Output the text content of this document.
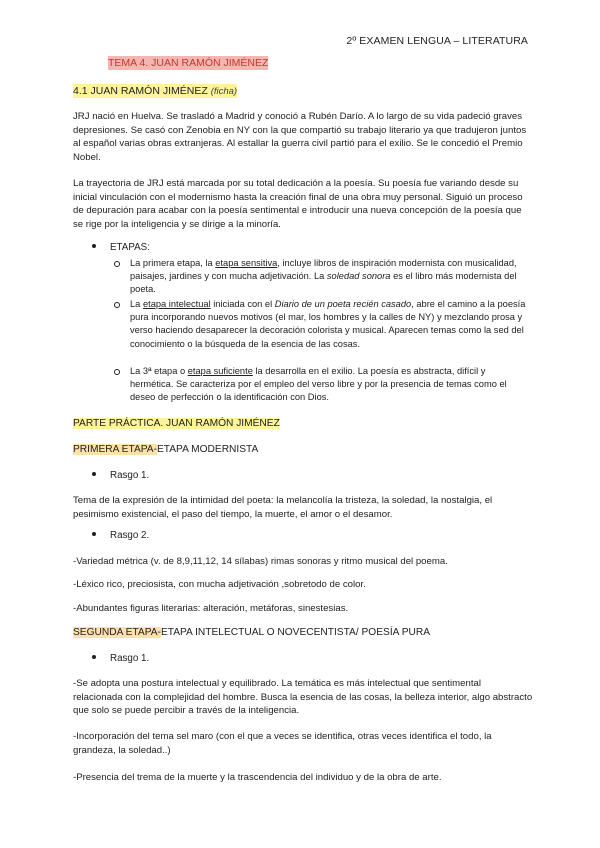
2º EXAMEN LENGUA – LITERATURA
TEMA 4. JUAN RAMÓN JIMÉNEZ
4.1 JUAN RAMÓN JIMÉNEZ (ficha)
JRJ nació en Huelva. Se trasladó a Madrid y conoció a Rubén Darío. A lo largo de su vida padeció graves depresiones. Se casó con Zenobia en NY con la que compartió su trabajo literario ya que tradujeron juntos al español varias obras extranjeras. Al estallar la guerra civil partió para el exilio. Se le concedió el Premio Nobel.
La trayectoria de JRJ está marcada por su total dedicación a la poesía. Su poesía fue variando desde su inicial vinculación con el modernismo hasta la creación final de una obra muy personal. Siguió un proceso de depuración para acabar con la poesía sentimental e introducir una nueva concepción de la poesía que se rige por la inteligencia y se dirige a la minoría.
ETAPAS:
La primera etapa, la etapa sensitiva, incluye libros de inspiración modernista con musicalidad, paisajes, jardines y con mucha adjetivación. La soledad sonora es el libro más modernista del poeta.
La etapa intelectual iniciada con el Diario de un poeta recién casado, abre el camino a la poesía pura incorporando nuevos motivos (el mar, los hombres y la calles de NY) y mezclando prosa y verso haciendo desaparecer la decoración colorista y musical. Aparecen temas como la sed del conocimiento o la búsqueda de la esencia de las cosas.
La 3ª etapa o etapa suficiente la desarrolla en el exilio. La poesía es abstracta, difícil y hermética. Se caracteriza por el empleo del verso libre y por la presencia de temas como el deseo de perfección o la identificación con Dios.
PARTE PRÁCTICA. JUAN RAMÓN JIMÉNEZ
PRIMERA ETAPA-ETAPA MODERNISTA
Rasgo 1.
Tema de la expresión de la intimidad del poeta: la melancolía la tristeza, la soledad, la nostalgia, el pesimismo existencial, el paso del tiempo, la muerte, el amor o el desamor.
Rasgo 2.
-Variedad métrica (v. de 8,9,11,12, 14 sílabas) rimas sonoras y ritmo musical del poema.
-Léxico rico, preciosista, con mucha adjetivación ,sobretodo de color.
-Abundantes figuras literarias: alteración, metáforas, sinestesias.
SEGUNDA ETAPA-ETAPA INTELECTUAL O NOVECENTISTA/ POESÍA PURA
Rasgo 1.
-Se adopta una postura intelectual y equilibrado. La temática es más intelectual que sentimental relacionada con la complejidad del hombre. Busca la esencia de las cosas, la belleza interior, algo abstracto que solo se puede percibir a través de la inteligencia.
-Incorporación del tema sel maro (con el que a veces se identifica, otras veces identifica el todo, la grandeza, la soledad..)
-Presencia del trema de la muerte y la trascendencia del individuo y de la obra de arte.
